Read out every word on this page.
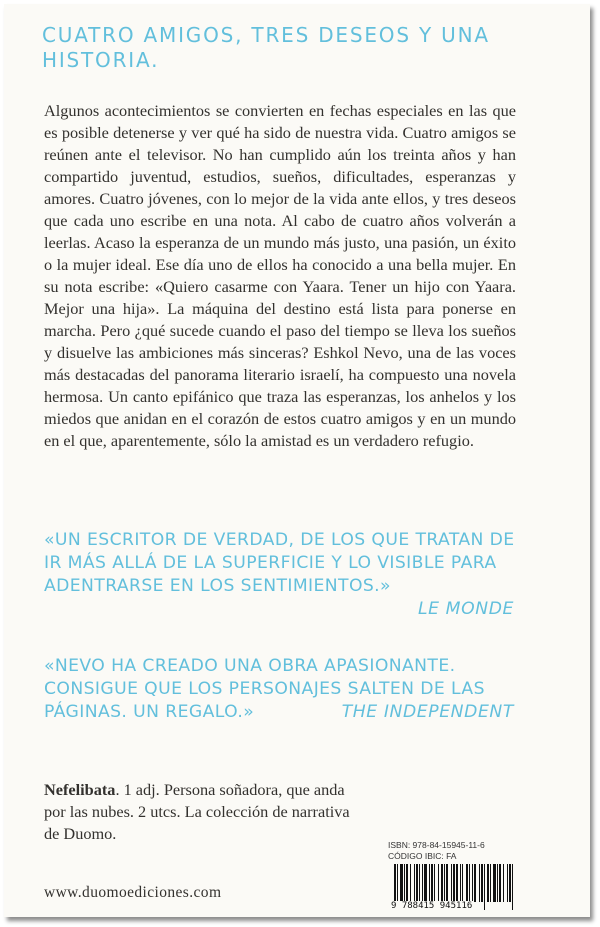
CUATRO AMIGOS, TRES DESEOS Y UNA HISTORIA.

Algunos acontecimientos se convierten en fechas especiales en las que es posible detenerse y ver qué ha sido de nuestra vida. Cuatro amigos se reúnen ante el televisor. No han cumplido aún los treinta años y han compartido juventud, estudios, sueños, dificultades, esperanzas y amores. Cuatro jóvenes, con lo mejor de la vida ante ellos, y tres deseos que cada uno escribe en una nota. Al cabo de cuatro años volverán a leerlas. Acaso la esperanza de un mundo más justo, una pasión, un éxito o la mujer ideal. Ese día uno de ellos ha conocido a una bella mujer. En su nota escribe: «Quiero casarme con Yaara. Tener un hijo con Yaara. Mejor una hija». La máquina del destino está lista para ponerse en marcha. Pero ¿qué sucede cuando el paso del tiempo se lleva los sueños y disuelve las ambiciones más sinceras? Eshkol Nevo, una de las voces más destacadas del panorama literario israelí, ha compuesto una novela hermosa. Un canto epifánico que traza las esperanzas, los anhelos y los miedos que anidan en el corazón de estos cuatro amigos y en un mundo en el que, aparentemente, sólo la amistad es un verdadero refugio.

«UN ESCRITOR DE VERDAD, DE LOS QUE TRATAN DE IR MÁS ALLÁ DE LA SUPERFICIE Y LO VISIBLE PARA ADENTRARSE EN LOS SENTIMIENTOS.»
LE MONDE
«NEVO HA CREADO UNA OBRA APASIONANTE. CONSIGUE QUE LOS PERSONAJES SALTEN DE LAS PÁGINAS. UN REGALO.»	THE INDEPENDENT

Nefelibata. 1 adj. Persona soñadora, que anda por las nubes. 2 utcs. La colección de narrativa de Duomo.

www.duomoediciones.com
ISBN: 978-84-15945-11-6
CÓDIGO IBIC: FA
9 788415 945116
